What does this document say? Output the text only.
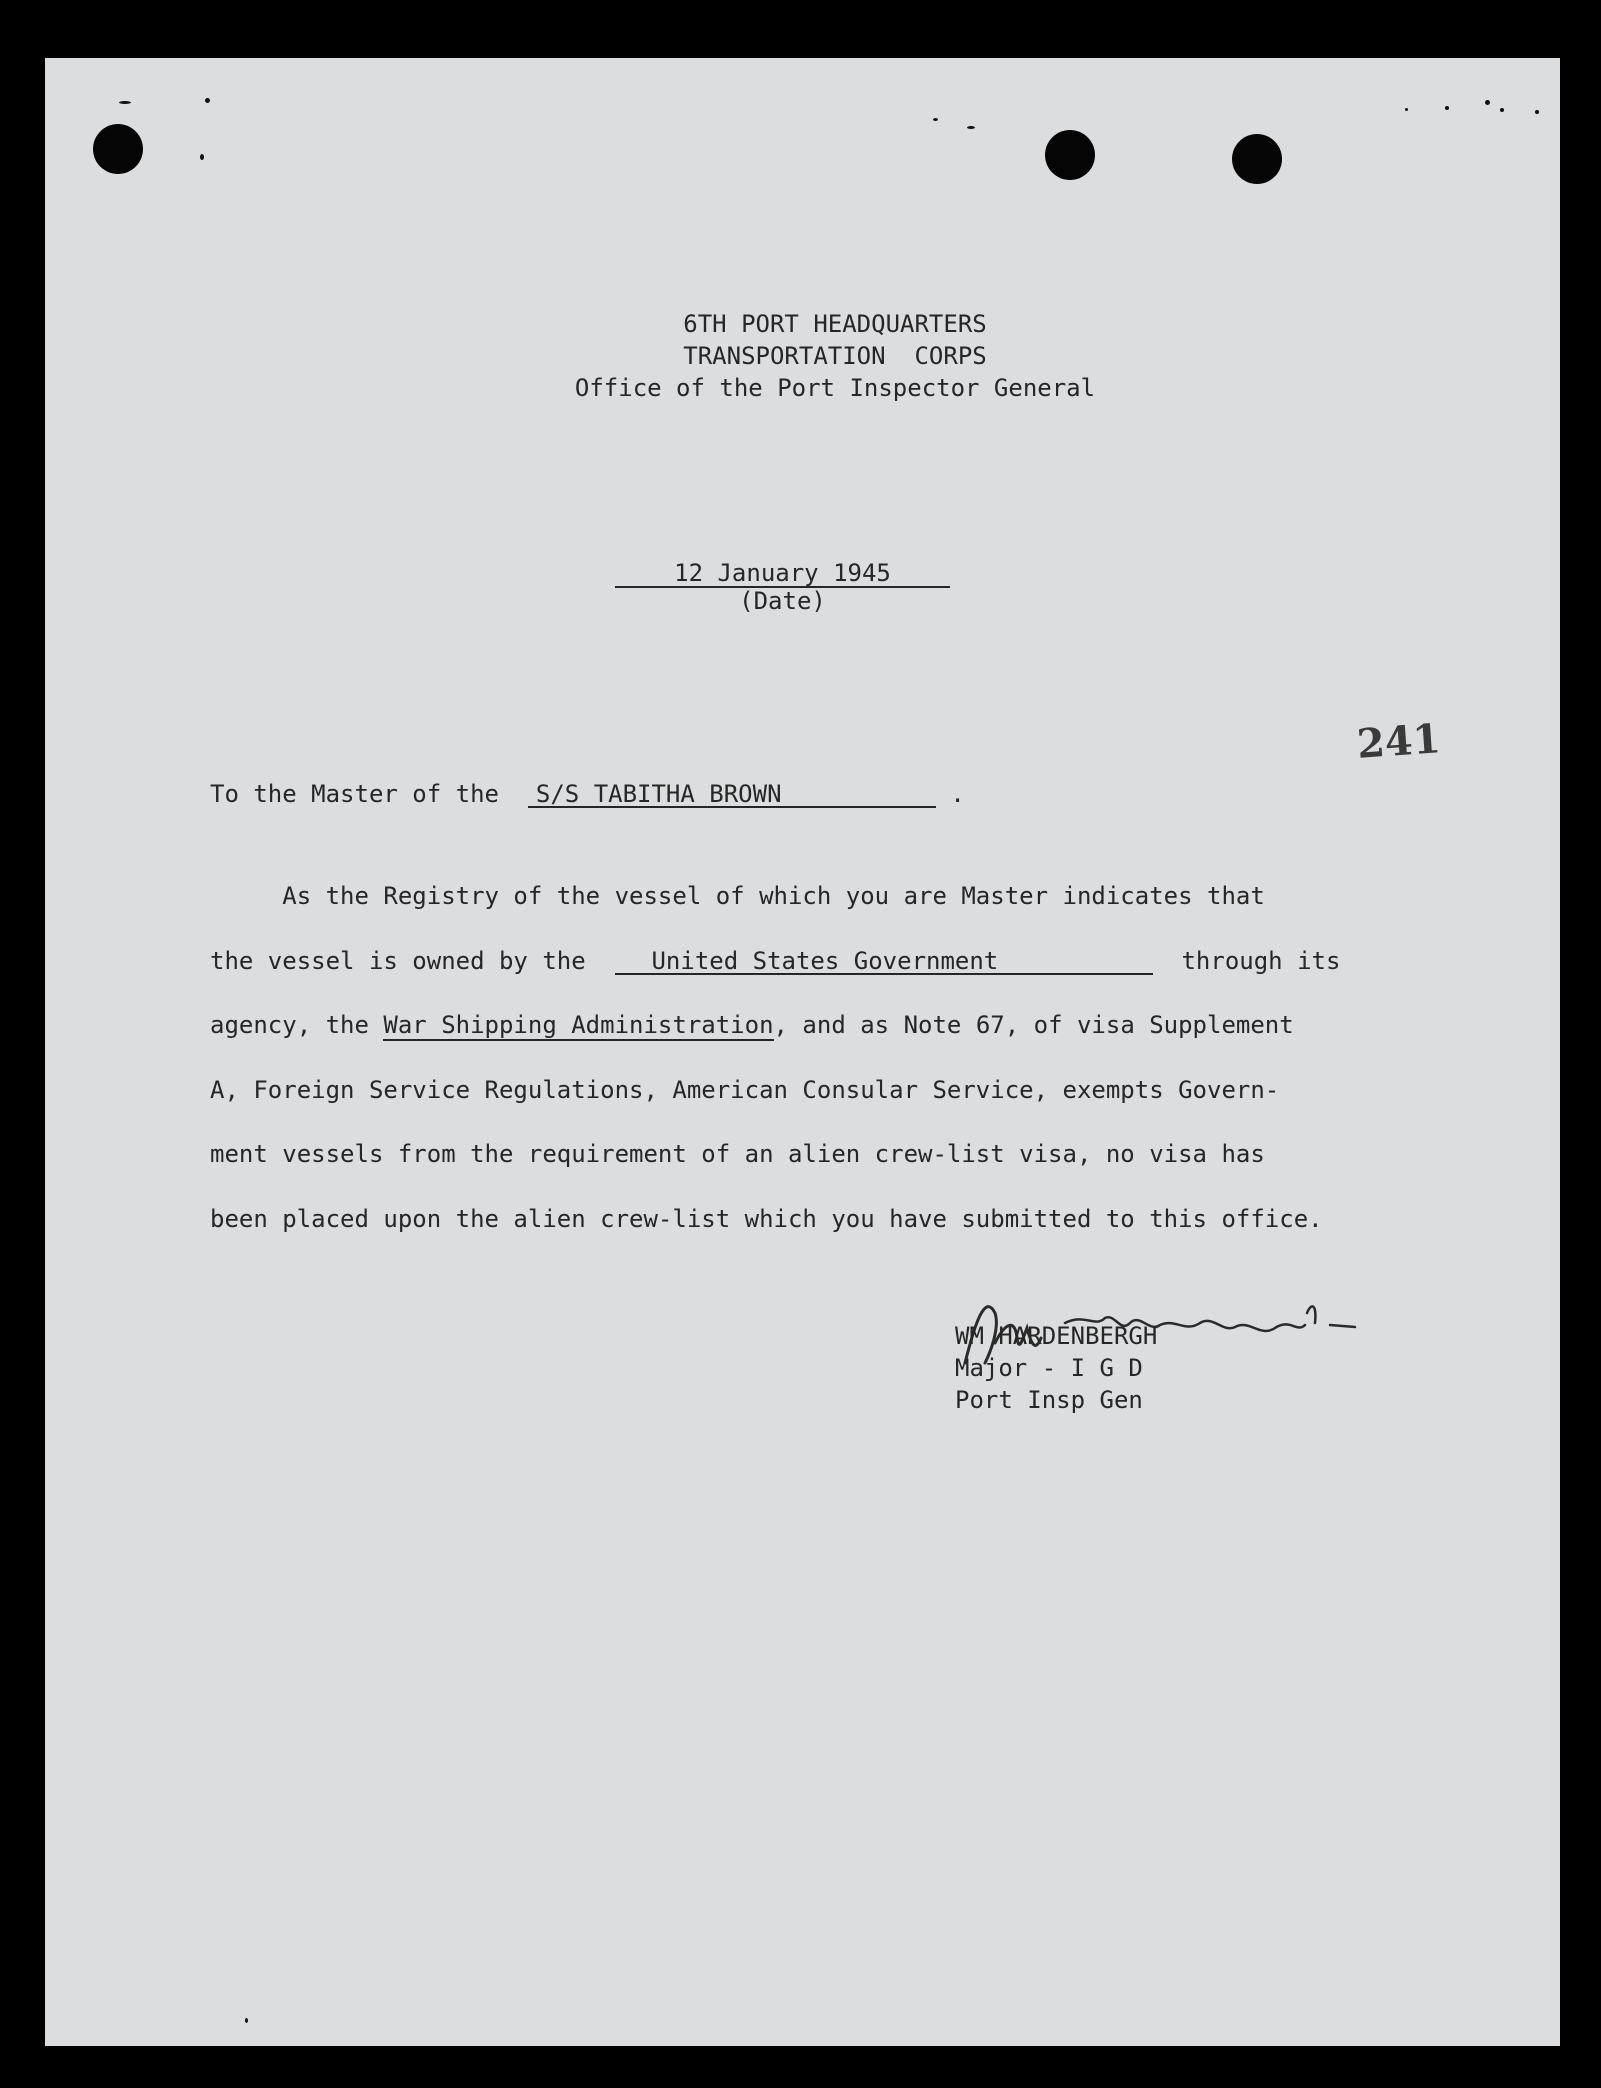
6TH PORT HEADQUARTERS
TRANSPORTATION  CORPS
Office of the Port Inspector General
12 January 1945
(Date)
241
To the Master of the  S/S TABITHA BROWN	.
As the Registry of the vessel of which you are Master indicates that
the vessel is owned by the    United States Government	through its
agency, the War Shipping Administration, and as Note 67, of visa Supplement
A, Foreign Service Regulations, American Consular Service, exempts Govern-
ment vessels from the requirement of an alien crew-list visa, no visa has
been placed upon the alien crew-list which you have submitted to this office.
WM HARDENBERGH
Major - I G D
Port Insp Gen
